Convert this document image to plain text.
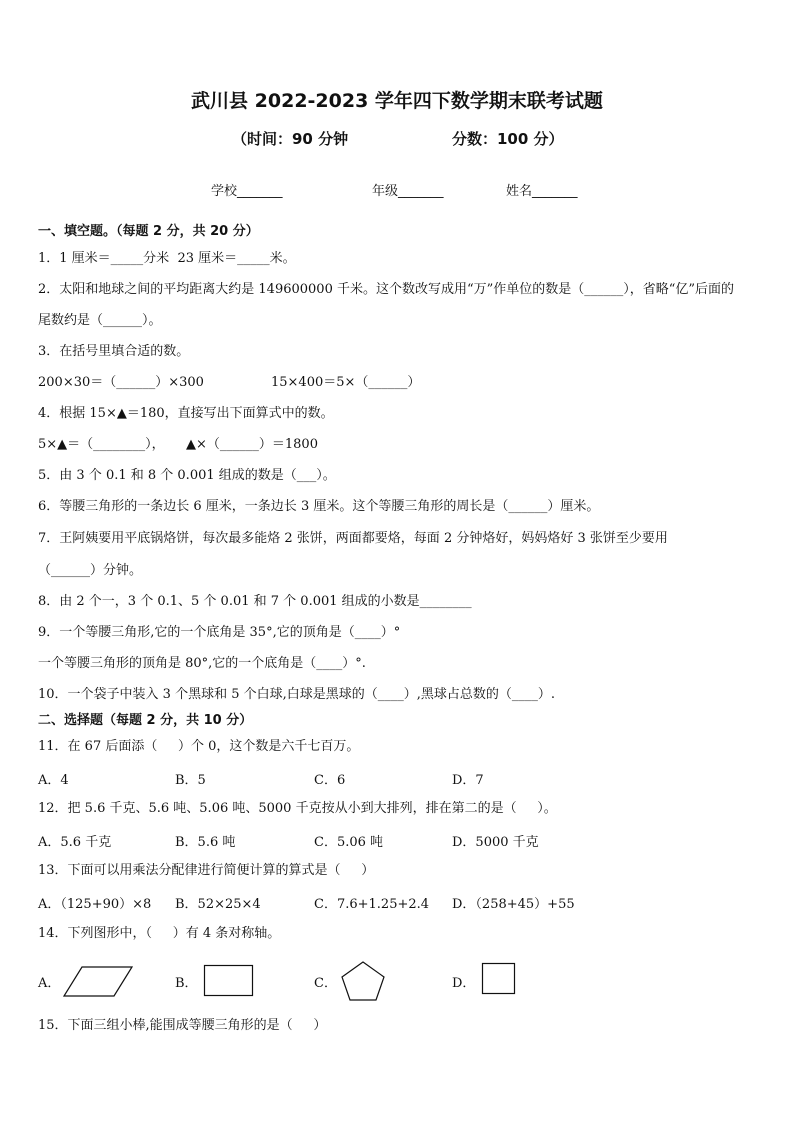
武川县 2022-2023 学年四下数学期末联考试题
（时间：90 分钟	分数：100 分）
学校_______	年级_______	姓名_______
一、填空题。（每题 2 分，共 20 分）
1．1 厘米＝_____分米  23 厘米＝_____米。
2．太阳和地球之间的平均距离大约是 149600000 千米。这个数改写成用“万”作单位的数是（______），省略“亿”后面的
尾数约是（______）。
3．在括号里填合适的数。
200×30＝（______）×300	15×400＝5×（______）
4．根据 15×▲＝180，直接写出下面算式中的数。
5×▲＝（________）， ▲×（______）＝1800
5．由 3 个 0.1 和 8 个 0.001 组成的数是（___）。
6．等腰三角形的一条边长 6 厘米，一条边长 3 厘米。这个等腰三角形的周长是（______）厘米。
7．王阿姨要用平底锅烙饼，每次最多能烙 2 张饼，两面都要烙，每面 2 分钟烙好，妈妈烙好 3 张饼至少要用
（______）分钟。
8．由 2 个一，3 个 0.1、5 个 0.01 和 7 个 0.001 组成的小数是________
9．一个等腰三角形,它的一个底角是 35°,它的顶角是（____）°
一个等腰三角形的顶角是 80°,它的一个底角是（____）°.
10．一个袋子中装入 3 个黑球和 5 个白球,白球是黑球的（____）,黑球占总数的（____）.
二、选择题（每题 2 分，共 10 分）
11．在 67 后面添（     ）个 0，这个数是六千七百万。
A．4	B．5	C．6	D．7
12．把 5.6 千克、5.6 吨、5.06 吨、5000 千克按从小到大排列，排在第二的是（     ）。
A．5.6 千克	B．5.6 吨	C．5.06 吨	D．5000 千克
13．下面可以用乘法分配律进行简便计算的算式是（     ）
A．（125+90）×8 B．52×25×4	C．7.6+1.25+2.4 D．（258+45）+55
14．下列图形中，（     ）有 4 条对称轴。
A．	B．	C．	D．
15．下面三组小棒,能围成等腰三角形的是（     ）
